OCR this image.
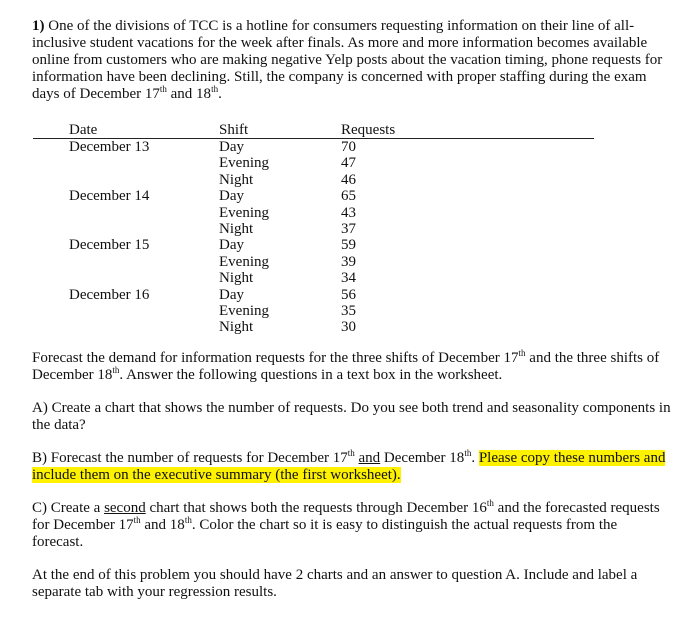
1) One of the divisions of TCC is a hotline for consumers requesting information on their line of all-inclusive student vacations for the week after finals. As more and more information becomes available online from customers who are making negative Yelp posts about the vacation timing, phone requests for information have been declining. Still, the company is concerned with proper staffing during the exam days of December 17th and 18th.

Date	Shift	Requests
December 13	Day	70
	Evening	47
	Night	46
December 14	Day	65
	Evening	43
	Night	37
December 15	Day	59
	Evening	39
	Night	34
December 16	Day	56
	Evening	35
	Night	30

Forecast the demand for information requests for the three shifts of December 17th and the three shifts of December 18th. Answer the following questions in a text box in the worksheet.

A) Create a chart that shows the number of requests. Do you see both trend and seasonality components in the data?

B) Forecast the number of requests for December 17th and December 18th. Please copy these numbers and include them on the executive summary (the first worksheet).

C) Create a second chart that shows both the requests through December 16th and the forecasted requests for December 17th and 18th. Color the chart so it is easy to distinguish the actual requests from the forecast.

At the end of this problem you should have 2 charts and an answer to question A. Include and label a separate tab with your regression results.
